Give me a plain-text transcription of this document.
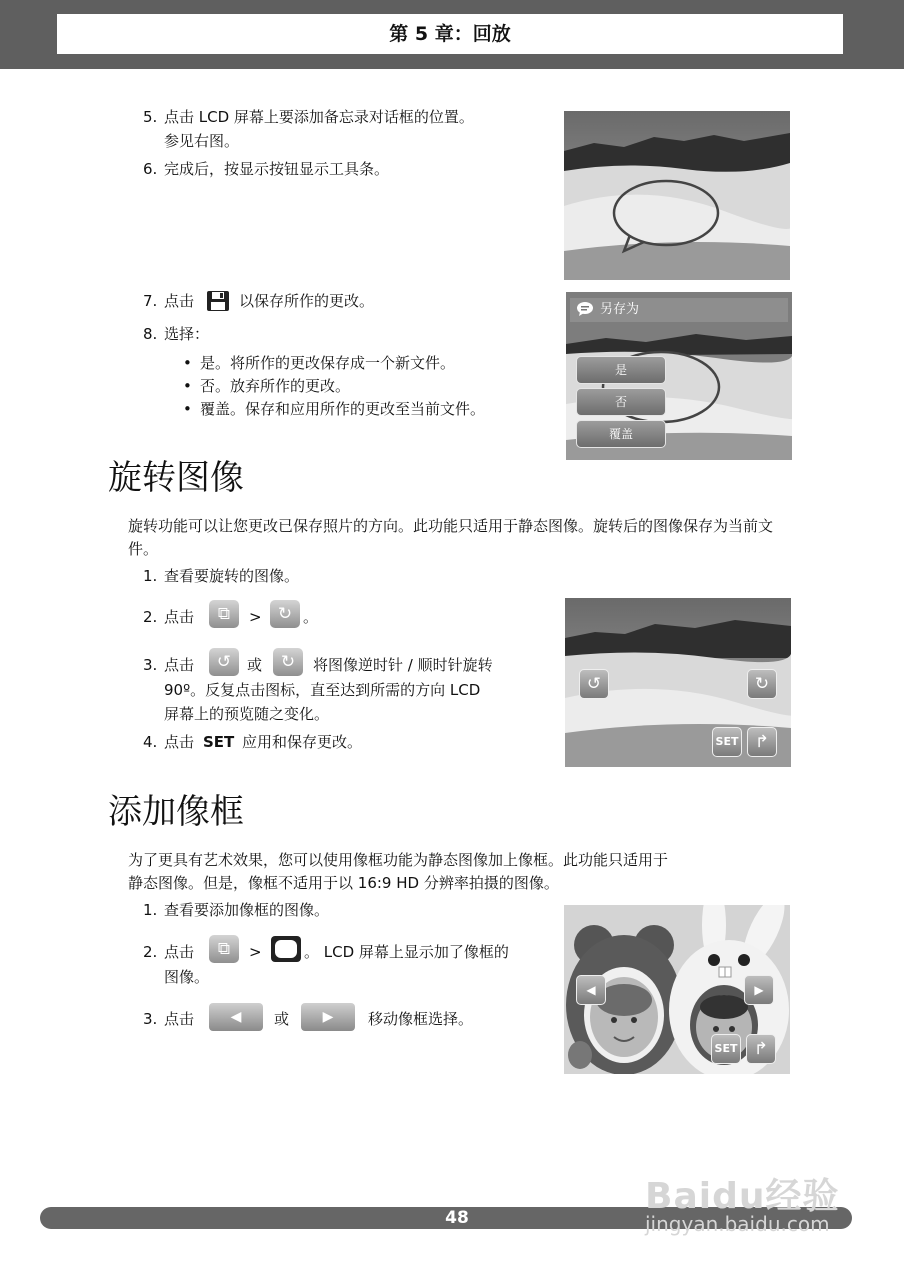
第 5 章：回放
5. 点击 LCD 屏幕上要添加备忘录对话框的位置。
参见右图。
6. 完成后，按显示按钮显示工具条。
7. 点击	以保存所作的更改。
8. 选择：
• 是。将所作的更改保存成一个新文件。
• 否。放弃所作的更改。
• 覆盖。保存和应用所作的更改至当前文件。
另存为
是
否
覆盖
旋转图像
旋转功能可以让您更改已保存照片的方向。此功能只适用于静态图像。旋转后的图像保存为当前文件。
1. 查看要旋转的图像。
2. 点击	⧉	> ↻ 。
3. 点击	↺	或	↻	将图像逆时针 / 顺时针旋转
90º。反复点击图标，直至达到所需的方向 LCD
屏幕上的预览随之变化。
4. 点击 SET 应用和保存更改。
↺	↻
SET ↱
添加像框
为了更具有艺术效果，您可以使用像框功能为静态图像加上像框。此功能只适用于
静态图像。但是，像框不适用于以 16:9 HD 分辨率拍摄的图像。
1. 查看要添加像框的图像。
2. 点击	⧉	>	。 LCD 屏幕上显示加了像框的
图像。
3. 点击	◀	或	▶	移动像框选择。
◀	▶
SET ↱
48
Baidu经验
jingyan.baidu.com
